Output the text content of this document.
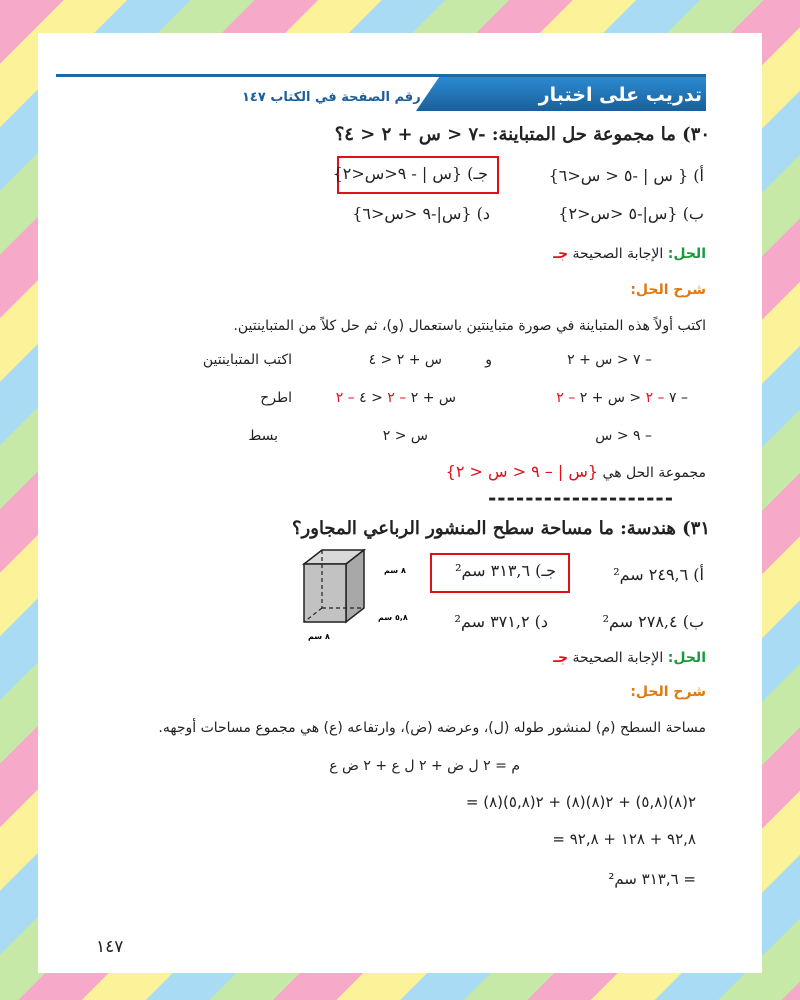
تدريب على اختبار
رقم الصفحة في الكتاب ١٤٧
٣٠) ما مجموعة حل المتباينة: -٧ < س + ٢ < ٤؟
أ) { س | -٥ < س<٦}
جـ) {س | - ٩<س<٢}
ب) {س|-٥ <س<٢}
د) {س|-٩ <س<٦}
الحل: الإجابة الصحيحة جـ
شرح الحل:
اكتب أولاً هذه المتباينة في صورة متباينتين باستعمال (و)، ثم حل كلاً من المتباينتين.
اكتب المتباينتين	س + ٢ < ٤	و	– ٧ < س + ٢
اطرح	س + ٢ – ٢ < ٤ – ٢	– ٧ – ٢ < س + ٢ – ٢
بسط	س < ٢	– ٩ < س
مجموعة الحل هي {س | – ٩ < س < ٢}
--------------------
٣١) هندسة: ما مساحة سطح المنشور الرباعي المجاور؟
أ) ٢٤٩,٦ سم²
جـ) ٣١٣,٦ سم²
ب) ٢٧٨,٤ سم²
د) ٣٧١,٢ سم²
٨ سم
٥,٨ سم
٨ سم
الحل: الإجابة الصحيحة جـ
شرح الحل:
مساحة السطح (م) لمنشور طوله (ل)، وعرضه (ض)، وارتفاعه (ع) هي مجموع مساحات أوجهه.
م = ٢ ل ض + ٢ ل ع + ٢ ض ع
= ٢(٨)(٥,٨) + ٢(٨)(٨) + ٢(٥,٨)(٨)
= ٩٢,٨ + ١٢٨ + ٩٢,٨
= ٣١٣,٦ سم²
١٤٧
